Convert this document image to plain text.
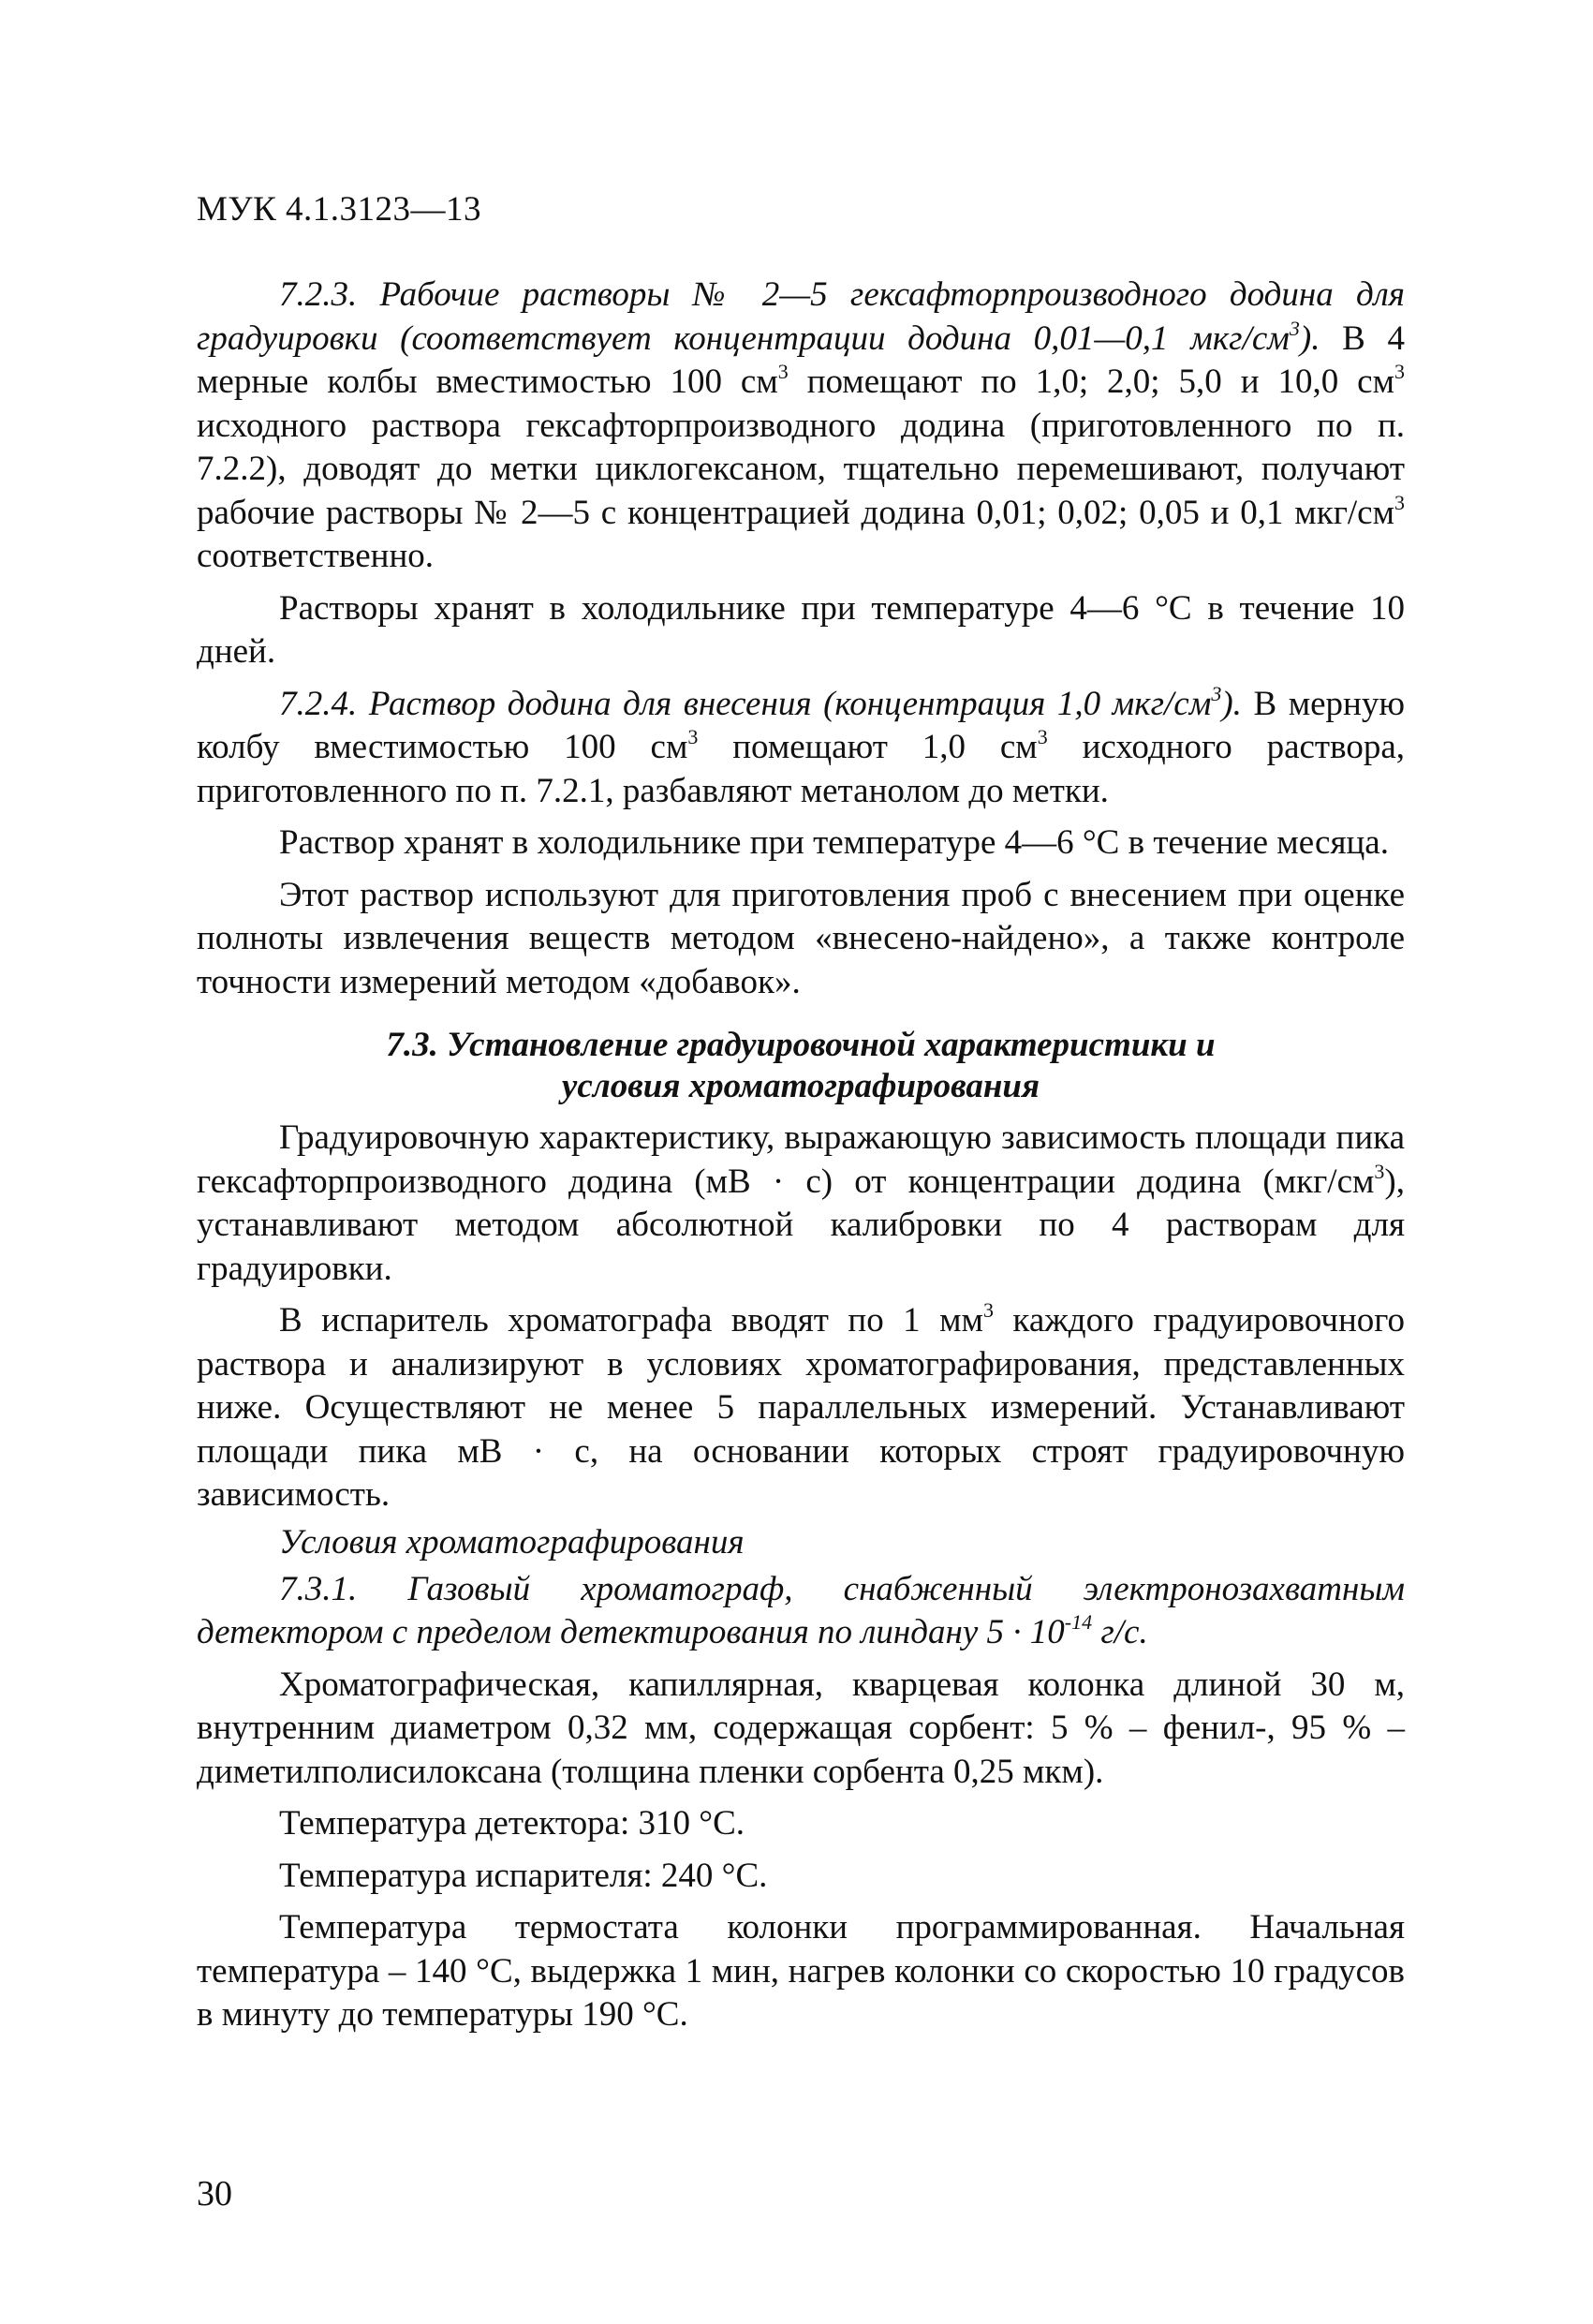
МУК 4.1.3123—13

7.2.3. Рабочие растворы № 2—5 гексафторпроизводного додина для градуировки (соответствует концентрации додина 0,01—0,1 мкг/$см^3$). В 4 мерные колбы вместимостью 100 $см^3$ помещают по 1,0; 2,0; 5,0 и 10,0 $см^3$ исходного раствора гексафторпроизводного додина (приготовленного по п. 7.2.2), доводят до метки циклогексаном, тщательно перемешивают, получают рабочие растворы № 2—5 с концентрацией додина 0,01; 0,02; 0,05 и 0,1 мкг/$см^3$ соответственно.

Растворы хранят в холодильнике при температуре 4—6 °С в течение 10 дней.

7.2.4. Раствор додина для внесения (концентрация 1,0 мкг/$см^3$). В мерную колбу вместимостью 100 $см^3$ помещают 1,0 $см^3$ исходного раствора, приготовленного по п. 7.2.1, разбавляют метанолом до метки.

Раствор хранят в холодильнике при температуре 4—6 °С в течение месяца.

Этот раствор используют для приготовления проб с внесением при оценке полноты извлечения веществ методом «внесено-найдено», а также контроле точности измерений методом «добавок».

7.3. Установление градуировочной характеристики и
условия хроматографирования

Градуировочную характеристику, выражающую зависимость площади пика гексафторпроизводного додина (мВ · с) от концентрации додина $(мкг/см^3)$, устанавливают методом абсолютной калибровки по 4 растворам для градуировки.

В испаритель хроматографа вводят по 1 $мм^3$ каждого градуировочного раствора и анализируют в условиях хроматографирования, представленных ниже. Осуществляют не менее 5 параллельных измерений. Устанавливают площади пика мВ · с, на основании которых строят градуировочную зависимость.

Условия хроматографирования

7.3.1. Газовый хроматограф, снабженный электронозахватным детектором с пределом детектирования по линдану $5 \cdot 10^{-14}$ г/с.

Хроматографическая, капиллярная, кварцевая колонка длиной 30 м, внутренним диаметром 0,32 мм, содержащая сорбент: 5 % – фенил-, 95 % – диметилполисилоксана (толщина пленки сорбента 0,25 мкм).

Температура детектора: 310 °С.
Температура испарителя: 240 °С.

Температура термостата колонки программированная. Начальная температура – 140 °С, выдержка 1 мин, нагрев колонки со скоростью 10 градусов в минуту до температуры 190 °С.

30
